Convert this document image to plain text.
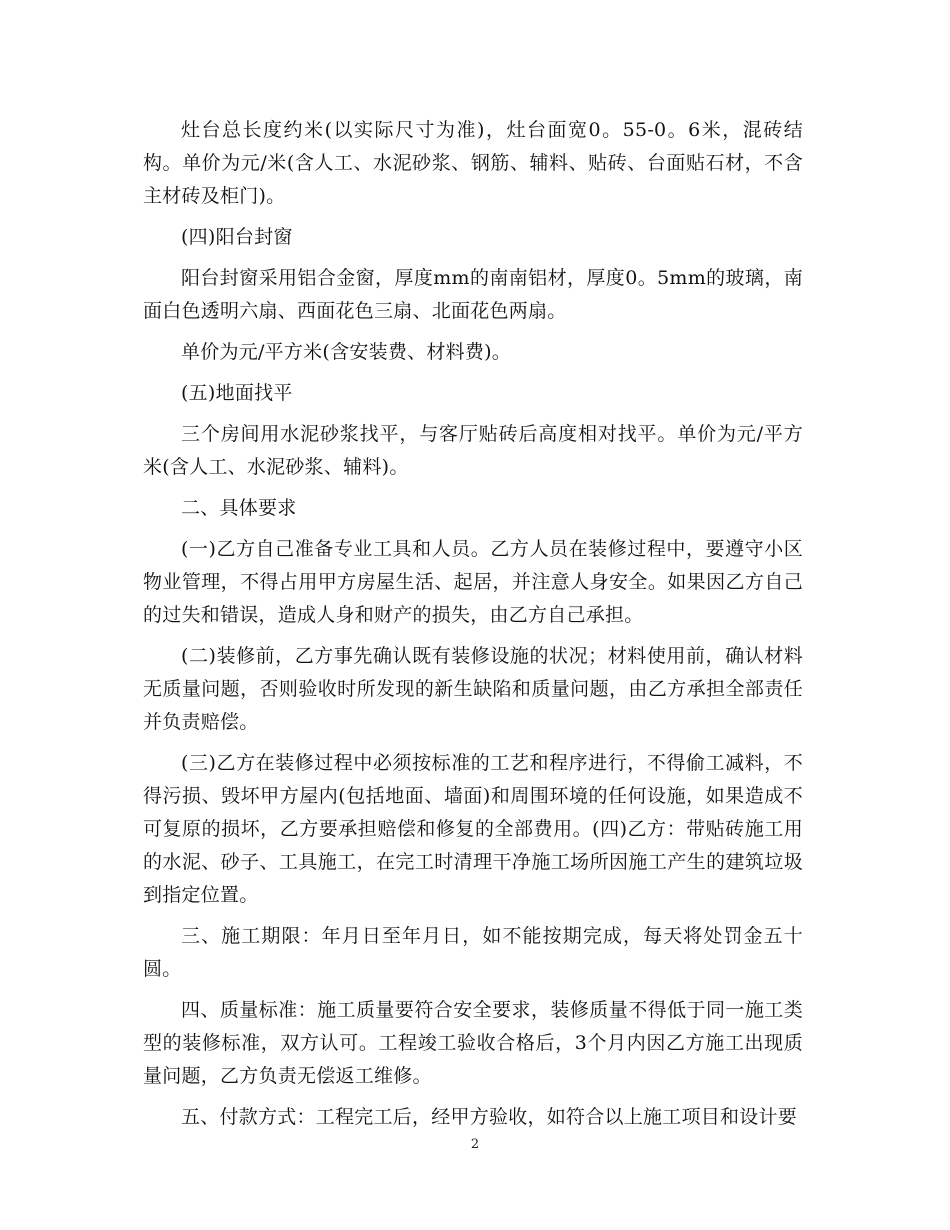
灶台总长度约米(以实际尺寸为准)，灶台面宽0。55-0。6米，混砖结构。单价为元/米(含人工、水泥砂浆、钢筋、辅料、贴砖、台面贴石材，不含主材砖及柜门)。

(四)阳台封窗

阳台封窗采用铝合金窗，厚度mm的南南铝材，厚度0。5mm的玻璃，南面白色透明六扇、西面花色三扇、北面花色两扇。

单价为元/平方米(含安装费、材料费)。

(五)地面找平

三个房间用水泥砂浆找平，与客厅贴砖后高度相对找平。单价为元/平方米(含人工、水泥砂浆、辅料)。

二、具体要求

(一)乙方自己准备专业工具和人员。乙方人员在装修过程中，要遵守小区物业管理，不得占用甲方房屋生活、起居，并注意人身安全。如果因乙方自己的过失和错误，造成人身和财产的损失，由乙方自己承担。

(二)装修前，乙方事先确认既有装修设施的状况；材料使用前，确认材料无质量问题，否则验收时所发现的新生缺陷和质量问题，由乙方承担全部责任并负责赔偿。

(三)乙方在装修过程中必须按标准的工艺和程序进行，不得偷工减料，不得污损、毁坏甲方屋内(包括地面、墙面)和周围环境的任何设施，如果造成不可复原的损坏，乙方要承担赔偿和修复的全部费用。(四)乙方：带贴砖施工用的水泥、砂子、工具施工，在完工时清理干净施工场所因施工产生的建筑垃圾到指定位置。

三、施工期限：年月日至年月日，如不能按期完成，每天将处罚金五十圆。

四、质量标准：施工质量要符合安全要求，装修质量不得低于同一施工类型的装修标准，双方认可。工程竣工验收合格后，3个月内因乙方施工出现质量问题，乙方负责无偿返工维修。

五、付款方式：工程完工后，经甲方验收，如符合以上施工项目和设计要

2
